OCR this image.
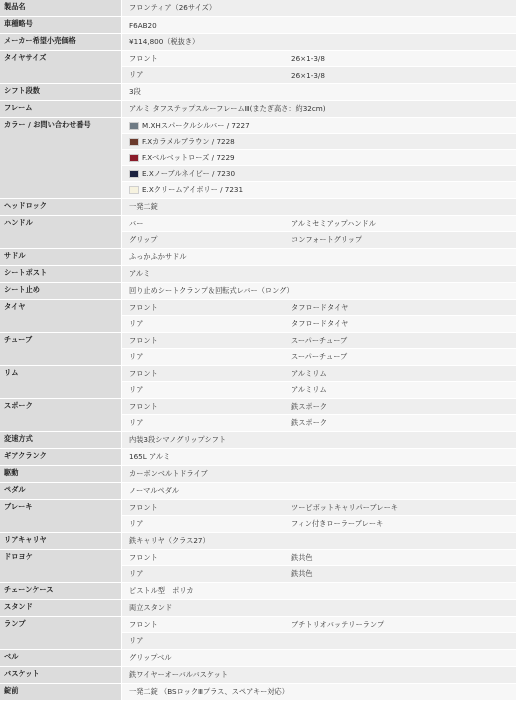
製品名	フロンティア（26サイズ）
車種略号	F6AB20
メーカー希望小売価格	¥114,800（税抜き）
タイヤサイズ	フロント	26×1-3/8
リア	26×1-3/8
シフト段数	3段
フレーム	アルミ タフステップスルーフレームⅢ(またぎ高さ：約32cm)
カラー / お問い合わせ番号	M.XHスパークルシルバー / 7227
F.Xカラメルブラウン / 7228
F.Xベルベットローズ / 7229
E.Xノーブルネイビー / 7230
E.Xクリームアイボリー / 7231
ヘッドロック	一発二錠
ハンドル	バー	アルミセミアップハンドル
グリップ	コンフォートグリップ
サドル	ふっかふかサドル
シートポスト	アルミ
シート止め	回り止めシートクランプ＆回転式レバー（ロング）
タイヤ	フロント	タフロードタイヤ
リア	タフロードタイヤ
チューブ	フロント	スーパーチューブ
リア	スーパーチューブ
リム	フロント	アルミリム
リア	アルミリム
スポーク	フロント	鉄スポーク
リア	鉄スポーク
変速方式	内装3段シマノグリップシフト
ギアクランク	165L アルミ
駆動	カーボンベルトドライブ
ペダル	ノーマルペダル
ブレーキ	フロント	ツーピボットキャリパーブレーキ
リア	フィン付きローラーブレーキ
リアキャリヤ	鉄キャリヤ（クラス27）
ドロヨケ	フロント	鉄共色
リア	鉄共色
チェーンケース	ピストル型　ポリカ
スタンド	両立スタンド
ランプ	フロント	ブチトリオバッテリーランプ
リア
ベル	グリップベル
バスケット	鉄ワイヤーオーバルバスケット
錠前	一発二錠 （BSロックⅢプラス、スペアキー対応）
